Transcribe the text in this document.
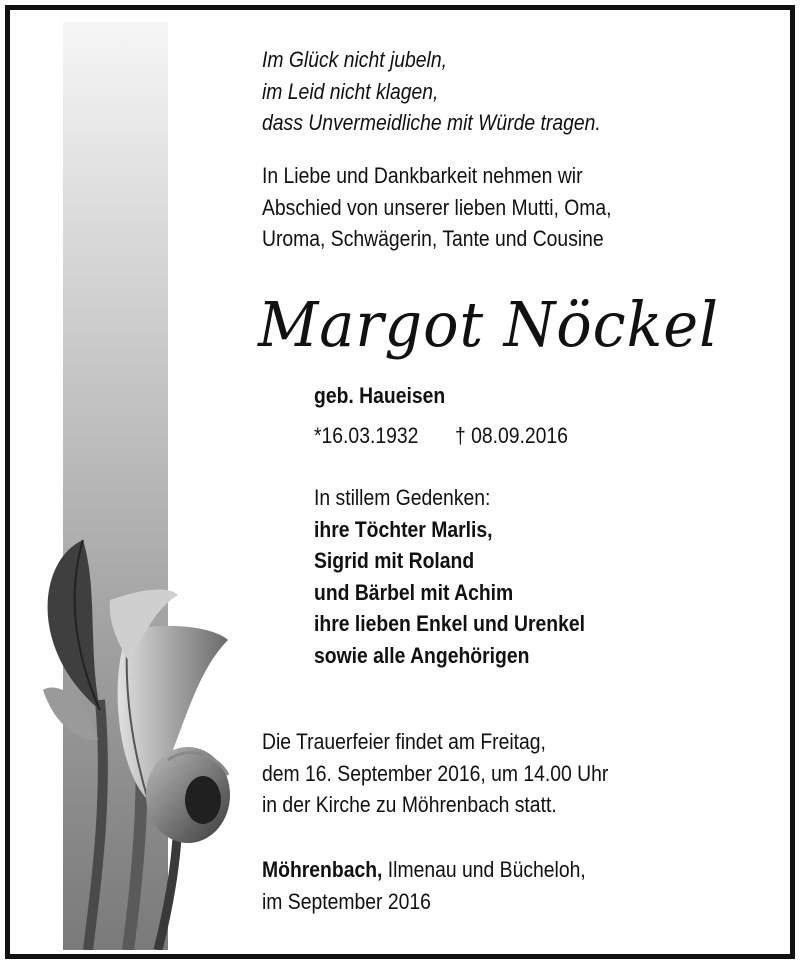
Im Glück nicht jubeln,
im Leid nicht klagen,
dass Unvermeidliche mit Würde tragen.
In Liebe und Dankbarkeit nehmen wir
Abschied von unserer lieben Mutti, Oma,
Uroma, Schwägerin, Tante und Cousine
Margot Nöckel
geb. Haueisen
*16.03.1932 † 08.09.2016
In stillem Gedenken:
ihre Töchter Marlis,
Sigrid mit Roland
und Bärbel mit Achim
ihre lieben Enkel und Urenkel
sowie alle Angehörigen
Die Trauerfeier findet am Freitag,
dem 16. September 2016, um 14.00 Uhr
in der Kirche zu Möhrenbach statt.
Möhrenbach, Ilmenau und Bücheloh,
im September 2016
